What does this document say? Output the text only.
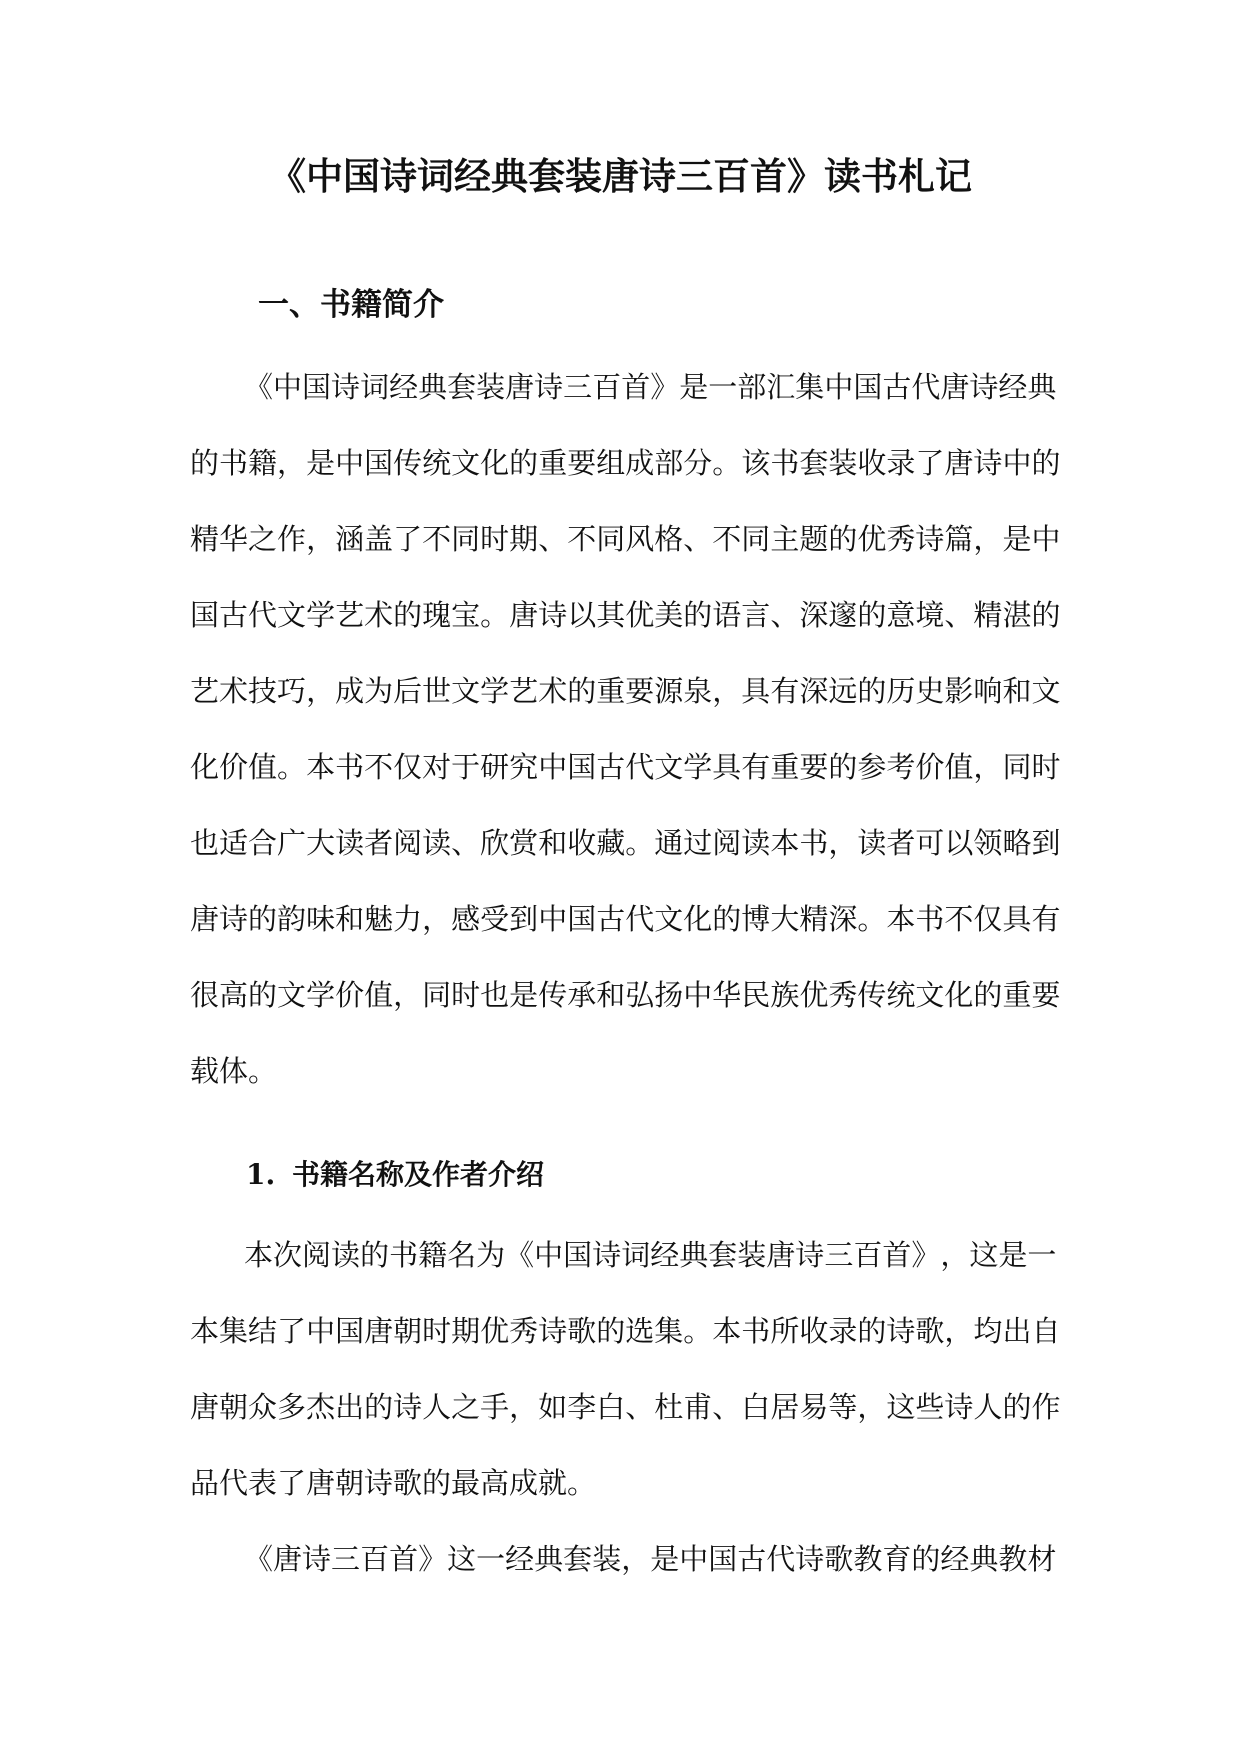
《中国诗词经典套装唐诗三百首》读书札记
一、书籍简介
《 中 国 诗 词 经 典 套 装 唐 诗 三 百 首 》 是 一 部 汇 集 中 国 古 代 唐 诗 经 典
的 书 籍 ， 是 中 国 传 统 文 化 的 重 要 组 成 部 分 。 该 书 套 装 收 录 了 唐 诗 中 的
精 华 之 作 ， 涵 盖 了 不 同 时 期 、 不 同 风 格 、 不 同 主 题 的 优 秀 诗 篇 ， 是 中
国 古 代 文 学 艺 术 的 瑰 宝 。 唐 诗 以 其 优 美 的 语 言 、 深 邃 的 意 境 、 精 湛 的
艺 术 技 巧 ， 成 为 后 世 文 学 艺 术 的 重 要 源 泉 ， 具 有 深 远 的 历 史 影 响 和 文
化 价 值 。 本 书 不 仅 对 于 研 究 中 国 古 代 文 学 具 有 重 要 的 参 考 价 值 ， 同 时
也 适 合 广 大 读 者 阅 读 、 欣 赏 和 收 藏 。 通 过 阅 读 本 书 ， 读 者 可 以 领 略 到
唐 诗 的 韵 味 和 魅 力 ， 感 受 到 中 国 古 代 文 化 的 博 大 精 深 。 本 书 不 仅 具 有
很 高 的 文 学 价 值 ， 同 时 也 是 传 承 和 弘 扬 中 华 民 族 优 秀 传 统 文 化 的 重 要
载体。
1. 书籍名称及作者介绍
本 次 阅 读 的 书 籍 名 为 《 中 国 诗 词 经 典 套 装 唐 诗 三 百 首 》 ， 这 是 一
本 集 结 了 中 国 唐 朝 时 期 优 秀 诗 歌 的 选 集 。 本 书 所 收 录 的 诗 歌 ， 均 出 自
唐 朝 众 多 杰 出 的 诗 人 之 手 ， 如 李 白 、 杜 甫 、 白 居 易 等 ， 这 些 诗 人 的 作
品代表了唐朝诗歌的最高成就。
《 唐 诗 三 百 首 》 这 一 经 典 套 装 ， 是 中 国 古 代 诗 歌 教 育 的 经 典 教 材
